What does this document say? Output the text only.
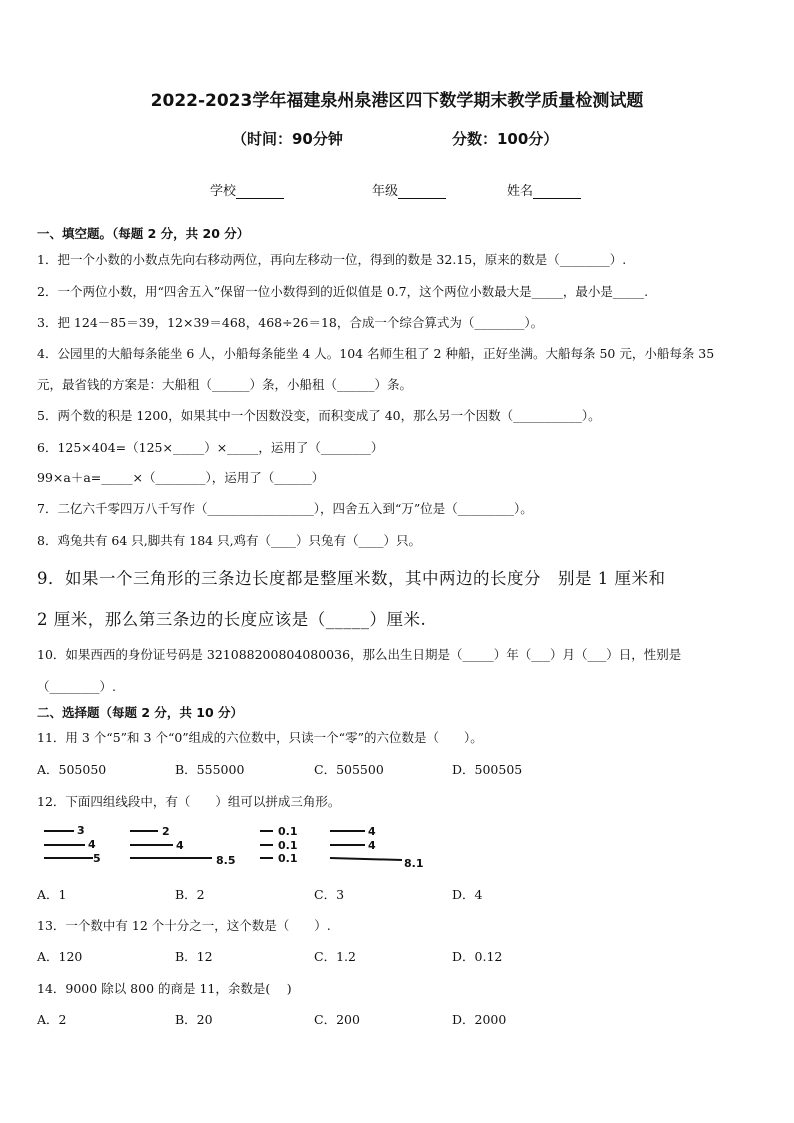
2022-2023学年福建泉州泉港区四下数学期末教学质量检测试题
（时间：90分钟	分数：100分）
学校	年级	姓名
一、填空题。（每题 2 分，共 20 分）
1．把一个小数的小数点先向右移动两位，再向左移动一位，得到的数是 32.15，原来的数是（________）.
2．一个两位小数，用“四舍五入”保留一位小数得到的近似值是 0.7，这个两位小数最大是_____，最小是_____.
3．把 124－85＝39，12×39＝468，468÷26＝18，合成一个综合算式为（________）。
4．公园里的大船每条能坐 6 人，小船每条能坐 4 人。104 名师生租了 2 种船，正好坐满。大船每条 50 元，小船每条 35
元，最省钱的方案是：大船租（______）条，小船租（______）条。
5．两个数的积是 1200，如果其中一个因数没变，而积变成了 40，那么另一个因数（___________）。
6．125×404=（125×_____）×_____，运用了（________）
99×a＋a=_____×（________），运用了（______）
7．二亿六千零四万八千写作（_________________），四舍五入到“万”位是（_________）。
8．鸡兔共有 64 只,脚共有 184 只,鸡有（____）只兔有（____）只。
9．如果一个三角形的三条边长度都是整厘米数，其中两边的长度分　别是 1 厘米和
2 厘米，那么第三条边的长度应该是（_____）厘米.
10．如果西西的身份证号码是 321088200804080036，那么出生日期是（_____）年（___）月（___）日，性别是
（________）.
二、选择题（每题 2 分，共 10 分）
11．用 3 个“5”和 3 个“0”组成的六位数中，只读一个“零”的六位数是（　　）。
A．505050	B．555000	C．505500	D．500505
12．下面四组线段中，有（　　）组可以拼成三角形。
3
4
5
2
4
8.5
0.1
0.1
0.1
4
4
8.1
A．1	B．2	C．3	D．4
13．一个数中有 12 个十分之一，这个数是（　　）.
A．120	B．12	C．1.2	D．0.12
14．9000 除以 800 的商是 11，余数是(　 )
A．2	B．20	C．200	D．2000
